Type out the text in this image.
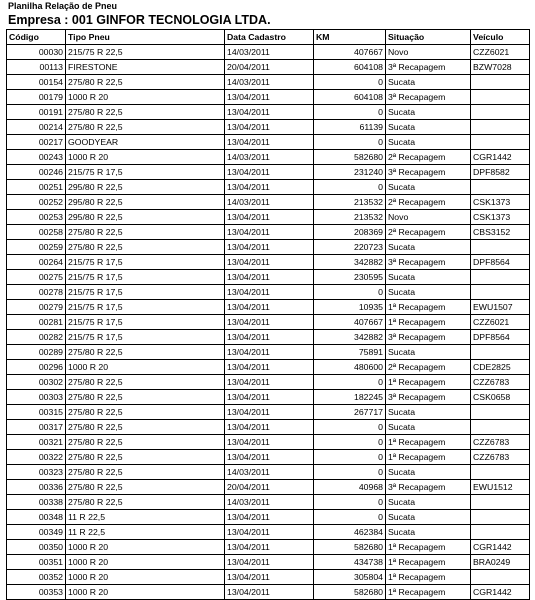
Planilha Relação de Pneu
Empresa : 001 GINFOR TECNOLOGIA LTDA.
Código	Tipo Pneu	Data Cadastro	KM	Situação	Veículo
00030	215/75 R 22,5	14/03/2011	407667	Novo	CZZ6021
00113	FIRESTONE	20/04/2011	604108	3ª Recapagem	BZW7028
00154	275/80 R 22,5	14/03/2011	0	Sucata	
00179	1000 R 20	13/04/2011	604108	3ª Recapagem	
00191	275/80 R 22,5	13/04/2011	0	Sucata	
00214	275/80 R 22,5	13/04/2011	61139	Sucata	
00217	GOODYEAR	13/04/2011	0	Sucata	
00243	1000 R 20	14/03/2011	582680	2ª Recapagem	CGR1442
00246	215/75 R 17,5	13/04/2011	231240	3ª Recapagem	DPF8582
00251	295/80 R 22,5	13/04/2011	0	Sucata	
00252	295/80 R 22,5	14/03/2011	213532	2ª Recapagem	CSK1373
00253	295/80 R 22,5	13/04/2011	213532	Novo	CSK1373
00258	275/80 R 22,5	13/04/2011	208369	2ª Recapagem	CBS3152
00259	275/80 R 22,5	13/04/2011	220723	Sucata	
00264	215/75 R 17,5	13/04/2011	342882	3ª Recapagem	DPF8564
00275	215/75 R 17,5	13/04/2011	230595	Sucata	
00278	215/75 R 17,5	13/04/2011	0	Sucata	
00279	215/75 R 17,5	13/04/2011	10935	1ª Recapagem	EWU1507
00281	215/75 R 17,5	13/04/2011	407667	1ª Recapagem	CZZ6021
00282	215/75 R 17,5	13/04/2011	342882	3ª Recapagem	DPF8564
00289	275/80 R 22,5	13/04/2011	75891	Sucata	
00296	1000 R 20	13/04/2011	480600	2ª Recapagem	CDE2825
00302	275/80 R 22,5	13/04/2011	0	1ª Recapagem	CZZ6783
00303	275/80 R 22,5	13/04/2011	182245	3ª Recapagem	CSK0658
00315	275/80 R 22,5	13/04/2011	267717	Sucata	
00317	275/80 R 22,5	13/04/2011	0	Sucata	
00321	275/80 R 22,5	13/04/2011	0	1ª Recapagem	CZZ6783
00322	275/80 R 22,5	13/04/2011	0	1ª Recapagem	CZZ6783
00323	275/80 R 22,5	14/03/2011	0	Sucata	
00336	275/80 R 22,5	20/04/2011	40968	3ª Recapagem	EWU1512
00338	275/80 R 22,5	14/03/2011	0	Sucata	
00348	11 R 22,5	13/04/2011	0	Sucata	
00349	11 R 22,5	13/04/2011	462384	Sucata	
00350	1000 R 20	13/04/2011	582680	1ª Recapagem	CGR1442
00351	1000 R 20	13/04/2011	434738	1ª Recapagem	BRA0249
00352	1000 R 20	13/04/2011	305804	1ª Recapagem	
00353	1000 R 20	13/04/2011	582680	1ª Recapagem	CGR1442
